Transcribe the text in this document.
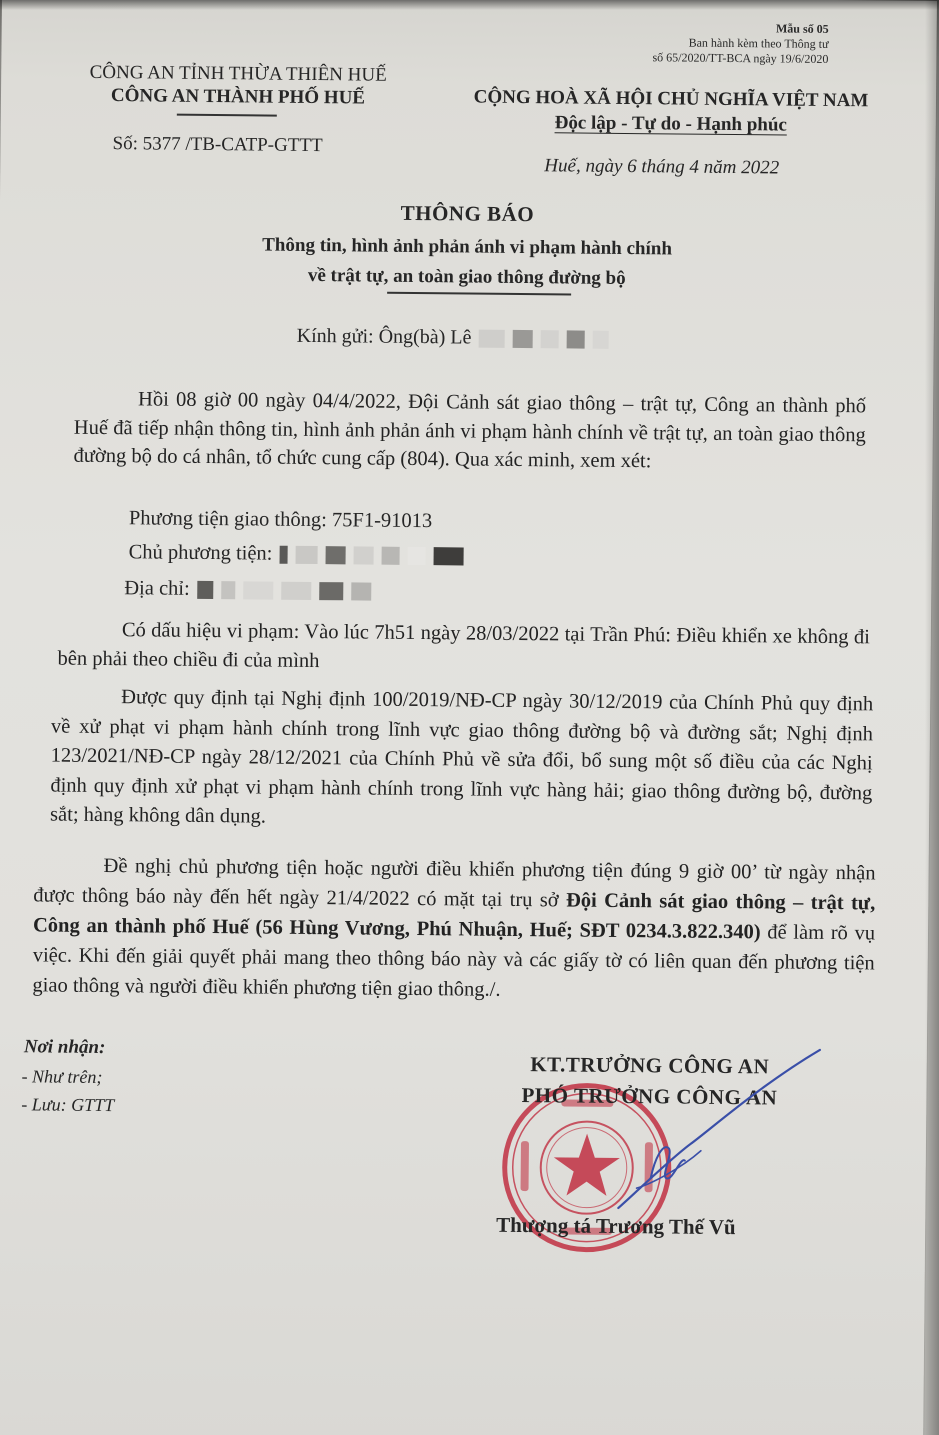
Mẫu số 05
Ban hành kèm theo Thông tư
số 65/2020/TT-BCA ngày 19/6/2020
CÔNG AN TỈNH THỪA THIÊN HUẾ
CÔNG AN THÀNH PHỐ HUẾ	CỘNG HOÀ XÃ HỘI CHỦ NGHĨA VIỆT NAM
Độc lập - Tự do - Hạnh phúc
Số: 5377 /TB-CATP-GTTT
Huế, ngày 6 tháng 4 năm 2022
THÔNG BÁO
Thông tin, hình ảnh phản ánh vi phạm hành chính
về trật tự, an toàn giao thông đường bộ
Kính gửi: Ông(bà) Lê
Hồi 08 giờ 00 ngày 04/4/2022, Đội Cảnh sát giao thông – trật tự, Công an thành phố Huế đã tiếp nhận thông tin, hình ảnh phản ánh vi phạm hành chính về trật tự, an toàn giao thông đường bộ do cá nhân, tổ chức cung cấp (804). Qua xác minh, xem xét:
Phương tiện giao thông: 75F1-91013
Chủ phương tiện:
Địa chỉ:
Có dấu hiệu vi phạm: Vào lúc 7h51 ngày 28/03/2022 tại Trần Phú: Điều khiển xe không đi bên phải theo chiều đi của mình
Được quy định tại Nghị định 100/2019/NĐ-CP ngày 30/12/2019 của Chính Phủ quy định về xử phạt vi phạm hành chính trong lĩnh vực giao thông đường bộ và đường sắt; Nghị định 123/2021/NĐ-CP ngày 28/12/2021 của Chính Phủ về sửa đổi, bổ sung một số điều của các Nghị định quy định xử phạt vi phạm hành chính trong lĩnh vực hàng hải; giao thông đường bộ, đường sắt; hàng không dân dụng.
Đề nghị chủ phương tiện hoặc người điều khiển phương tiện đúng 9 giờ 00’ từ ngày nhận được thông báo này đến hết ngày 21/4/2022 có mặt tại trụ sở Đội Cảnh sát giao thông – trật tự, Công an thành phố Huế (56 Hùng Vương, Phú Nhuận, Huế; SĐT 0234.3.822.340) để làm rõ vụ việc. Khi đến giải quyết phải mang theo thông báo này và các giấy tờ có liên quan đến phương tiện giao thông và người điều khiển phương tiện giao thông./.
Nơi nhận:
- Như trên;
- Lưu: GTTT
KT.TRƯỞNG CÔNG AN
PHÓ TRƯỞNG CÔNG AN
Thượng tá Trương Thế Vũ
